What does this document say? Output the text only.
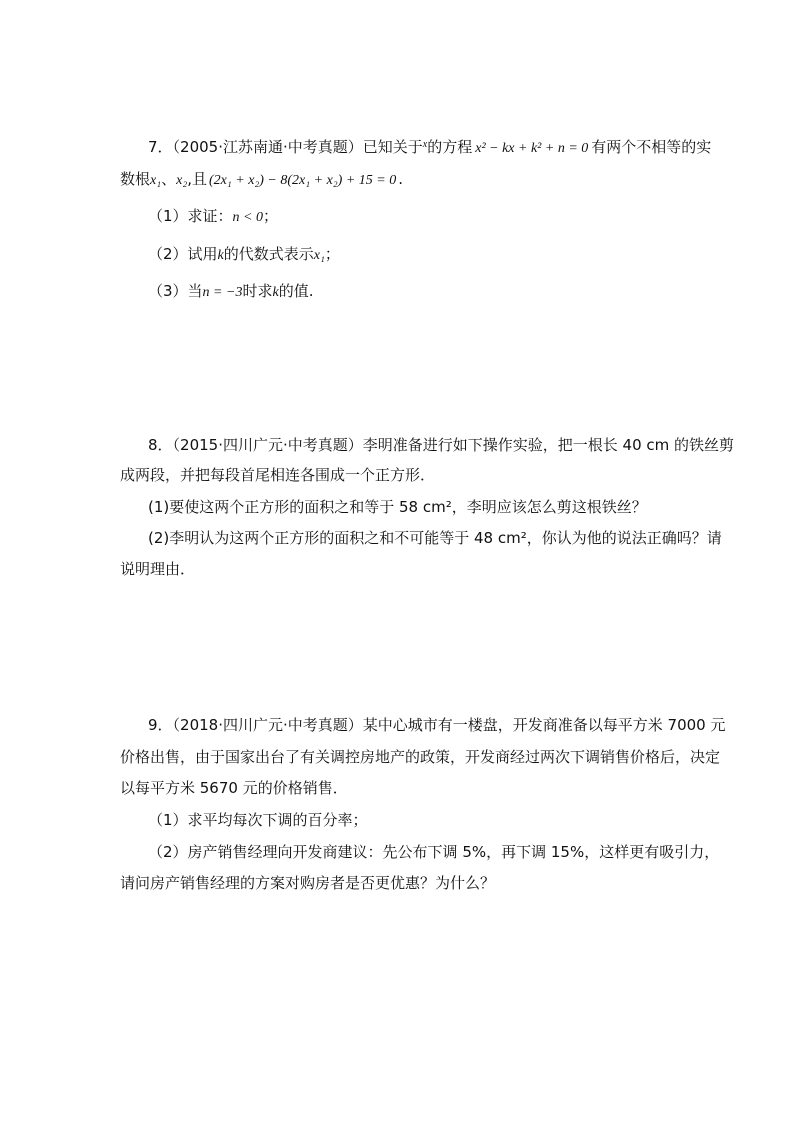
7．（2005·江苏南通·中考真题）已知关于$^x$的方程 x² − kx + k² + n = 0 有两个不相等的实
数根x₁、x₂,且 (2x₁ + x₂) − 8(2x₁ + x₂) + 15 = 0 .
（1）求证：n < 0；
（2）试用k的代数式表示x₁；
（3）当n = −3时求k的值.
8．（2015·四川广元·中考真题）李明准备进行如下操作实验，把一根长 40 cm 的铁丝剪
成两段，并把每段首尾相连各围成一个正方形．
(1)要使这两个正方形的面积之和等于 58 cm²，李明应该怎么剪这根铁丝？
(2)李明认为这两个正方形的面积之和不可能等于 48 cm²，你认为他的说法正确吗？请
说明理由．
9．（2018·四川广元·中考真题）某中心城市有一楼盘，开发商准备以每平方米 7000 元
价格出售，由于国家出台了有关调控房地产的政策，开发商经过两次下调销售价格后，决定
以每平方米 5670 元的价格销售．
（1）求平均每次下调的百分率；
（2）房产销售经理向开发商建议：先公布下调 5%，再下调 15%，这样更有吸引力，
请问房产销售经理的方案对购房者是否更优惠？为什么？
